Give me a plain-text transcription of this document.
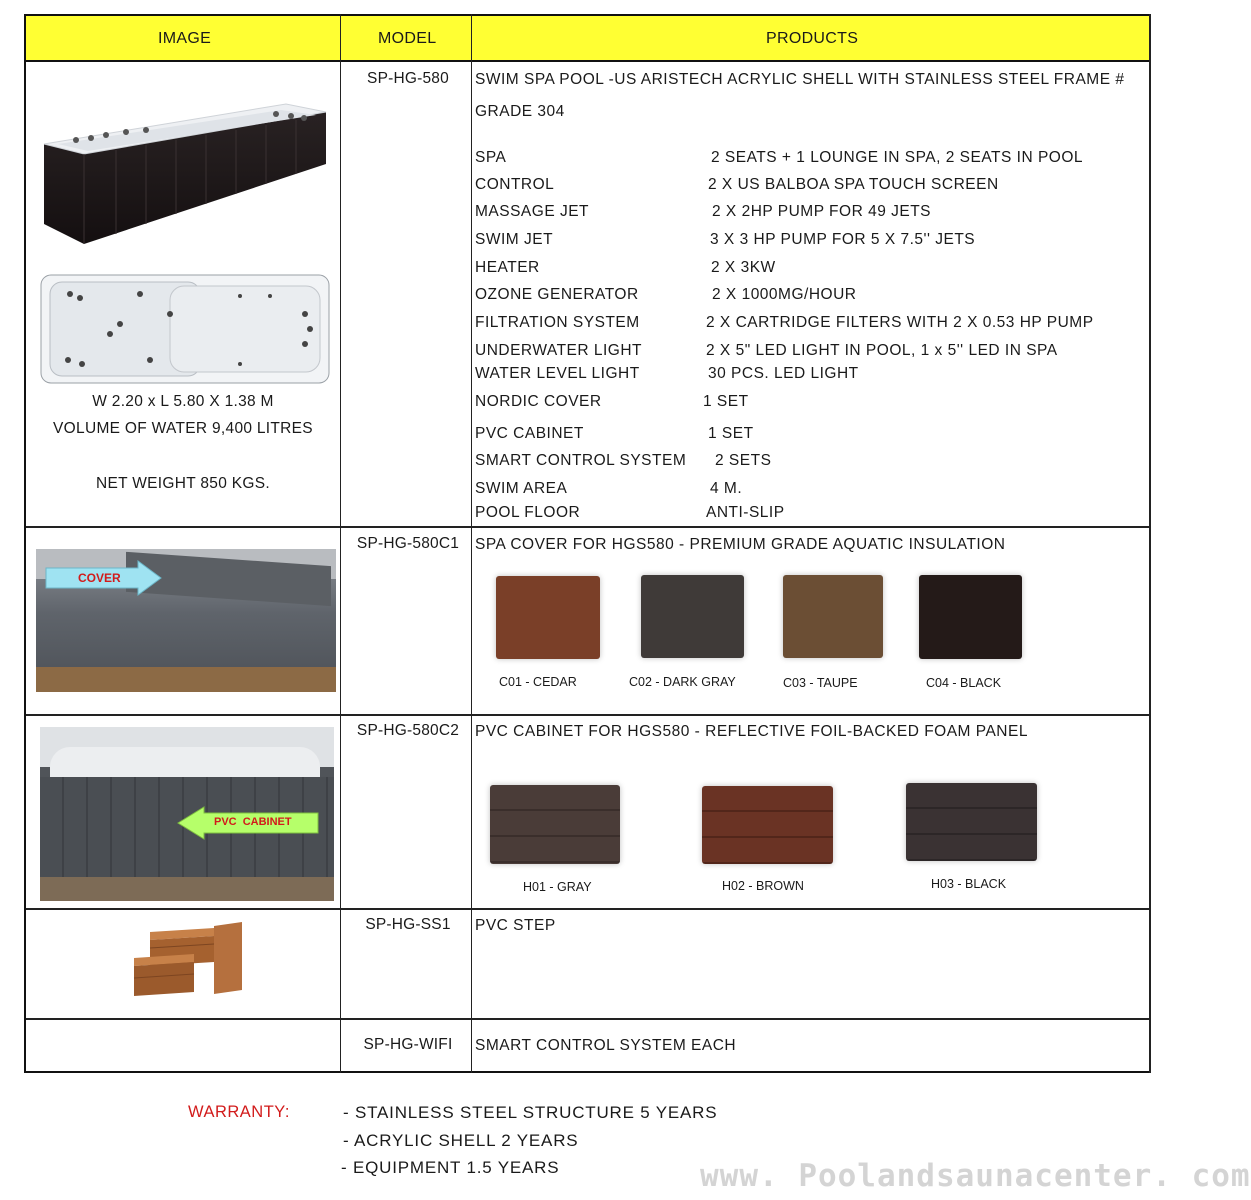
IMAGE	MODEL	PRODUCTS
W 2.20 x L 5.80 X 1.38 M
VOLUME OF WATER 9,400 LITRES
NET WEIGHT 850 KGS.
SP-HG-580	SWIM SPA POOL -US ARISTECH ACRYLIC SHELL WITH STAINLESS STEEL FRAME #
GRADE 304
SPA	2 SEATS + 1 LOUNGE IN SPA, 2 SEATS IN POOL
CONTROL	2 X US BALBOA SPA TOUCH SCREEN
MASSAGE JET	2 X 2HP PUMP FOR 49 JETS
SWIM JET	3 X 3 HP PUMP FOR 5 X 7.5'' JETS
HEATER	2 X 3KW
OZONE GENERATOR	2 X 1000MG/HOUR
FILTRATION SYSTEM	2 X CARTRIDGE FILTERS WITH 2 X 0.53 HP PUMP
UNDERWATER LIGHT	2 X 5" LED LIGHT IN POOL, 1 x 5'' LED IN SPA
WATER LEVEL LIGHT	30 PCS. LED LIGHT
NORDIC COVER	1 SET
PVC CABINET	1 SET
SMART CONTROL SYSTEM 2 SETS
SWIM AREA	4 M.
POOL FLOOR	ANTI-SLIP
COVER
SP-HG-580C1	SPA COVER FOR HGS580 - PREMIUM GRADE AQUATIC INSULATION
C01 - CEDAR	C02 - DARK GRAY	C03 - TAUPE	C04 - BLACK
PVC  CABINET
SP-HG-580C2	PVC CABINET FOR HGS580 - REFLECTIVE FOIL-BACKED FOAM PANEL
H01 - GRAY	H02 - BROWN	H03 - BLACK
SP-HG-SS1	PVC STEP
SP-HG-WIFI	SMART CONTROL SYSTEM EACH
WARRANTY:	- STAINLESS STEEL STRUCTURE 5 YEARS
- ACRYLIC SHELL 2 YEARS
- EQUIPMENT 1.5 YEARS	www. Poolandsaunacenter. com
